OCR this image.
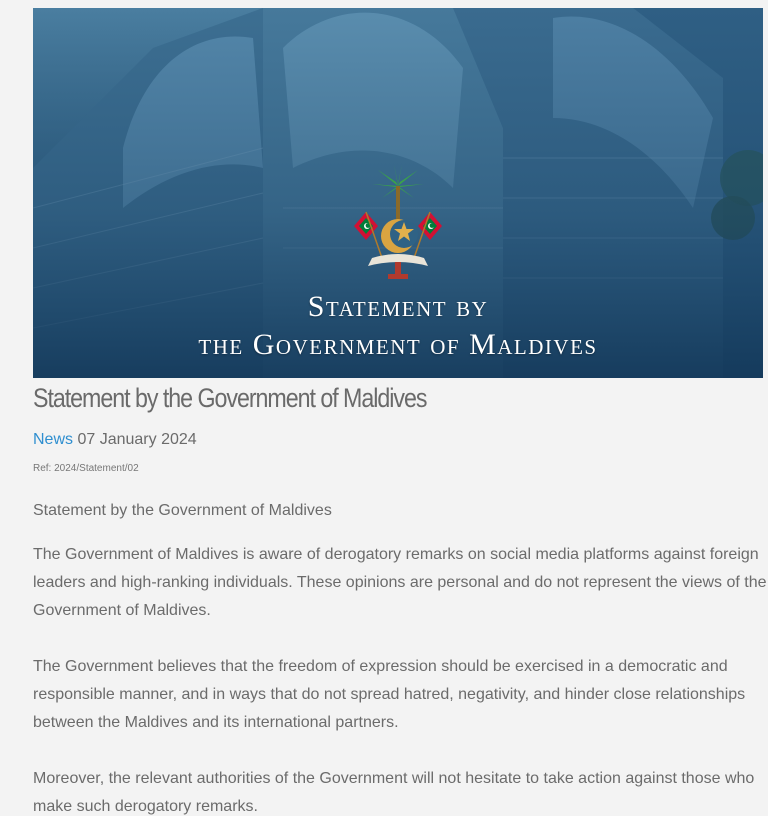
Statement by
the Government of Maldives
Statement by the Government of Maldives
News 07 January 2024
Ref: 2024/Statement/02

Statement by the Government of Maldives

The Government of Maldives is aware of derogatory remarks on social media platforms against foreign leaders and high-ranking individuals. These opinions are personal and do not represent the views of the Government of Maldives.

The Government believes that the freedom of expression should be exercised in a democratic and responsible manner, and in ways that do not spread hatred, negativity, and hinder close relationships between the Maldives and its international partners.

Moreover, the relevant authorities of the Government will not hesitate to take action against those who make such derogatory remarks.
